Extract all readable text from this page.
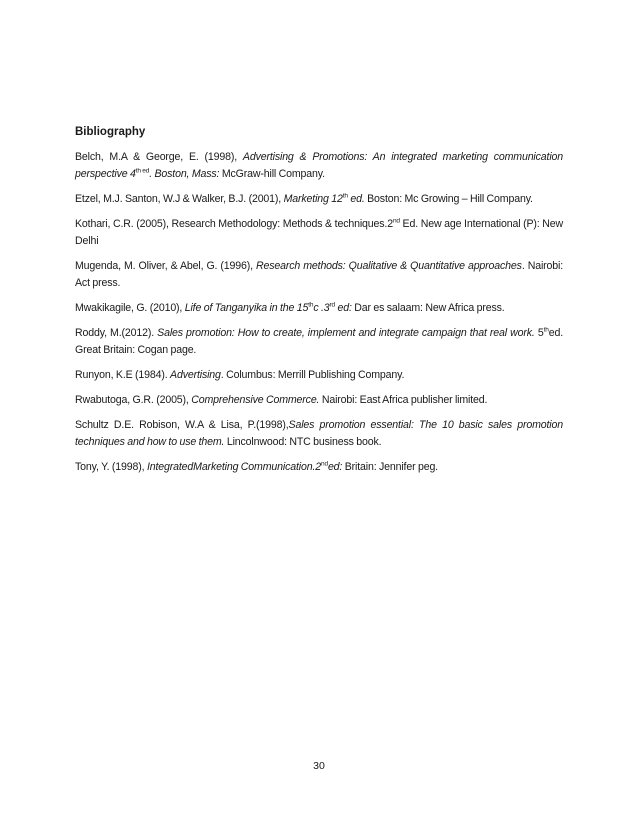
Bibliography

Belch, M.A & George, E. (1998), Advertising & Promotions: An integrated marketing communication perspective $4^{th ed}$. Boston, Mass: McGraw-hill Company.

Etzel, M.J. Santon, W.J & Walker, B.J. (2001), Marketing 12th ed. Boston: Mc Growing – Hill Company.

Kothari, C.R. (2005), Research Methodology: Methods & techniques.2nd Ed. New age International (P): New Delhi

Mugenda, M. Oliver, & Abel, G. (1996), Research methods: Qualitative & Quantitative approaches. Nairobi: Act press.

Mwakikagile, G. (2010), Life of Tanganyika in the 15thc .3rd ed: Dar es salaam: New Africa press.

Roddy, M.(2012). Sales promotion: How to create, implement and integrate campaign that real work. 5thed. Great Britain: Cogan page.

Runyon, K.E (1984). Advertising. Columbus: Merrill Publishing Company.

Rwabutoga, G.R. (2005), Comprehensive Commerce. Nairobi: East Africa publisher limited.

Schultz D.E. Robison, W.A & Lisa, P.(1998),Sales promotion essential: The 10 basic sales promotion techniques and how to use them. Lincolnwood: NTC business book.

Tony, Y. (1998), IntegratedMarketing Communication.2nded: Britain: Jennifer peg.

30
